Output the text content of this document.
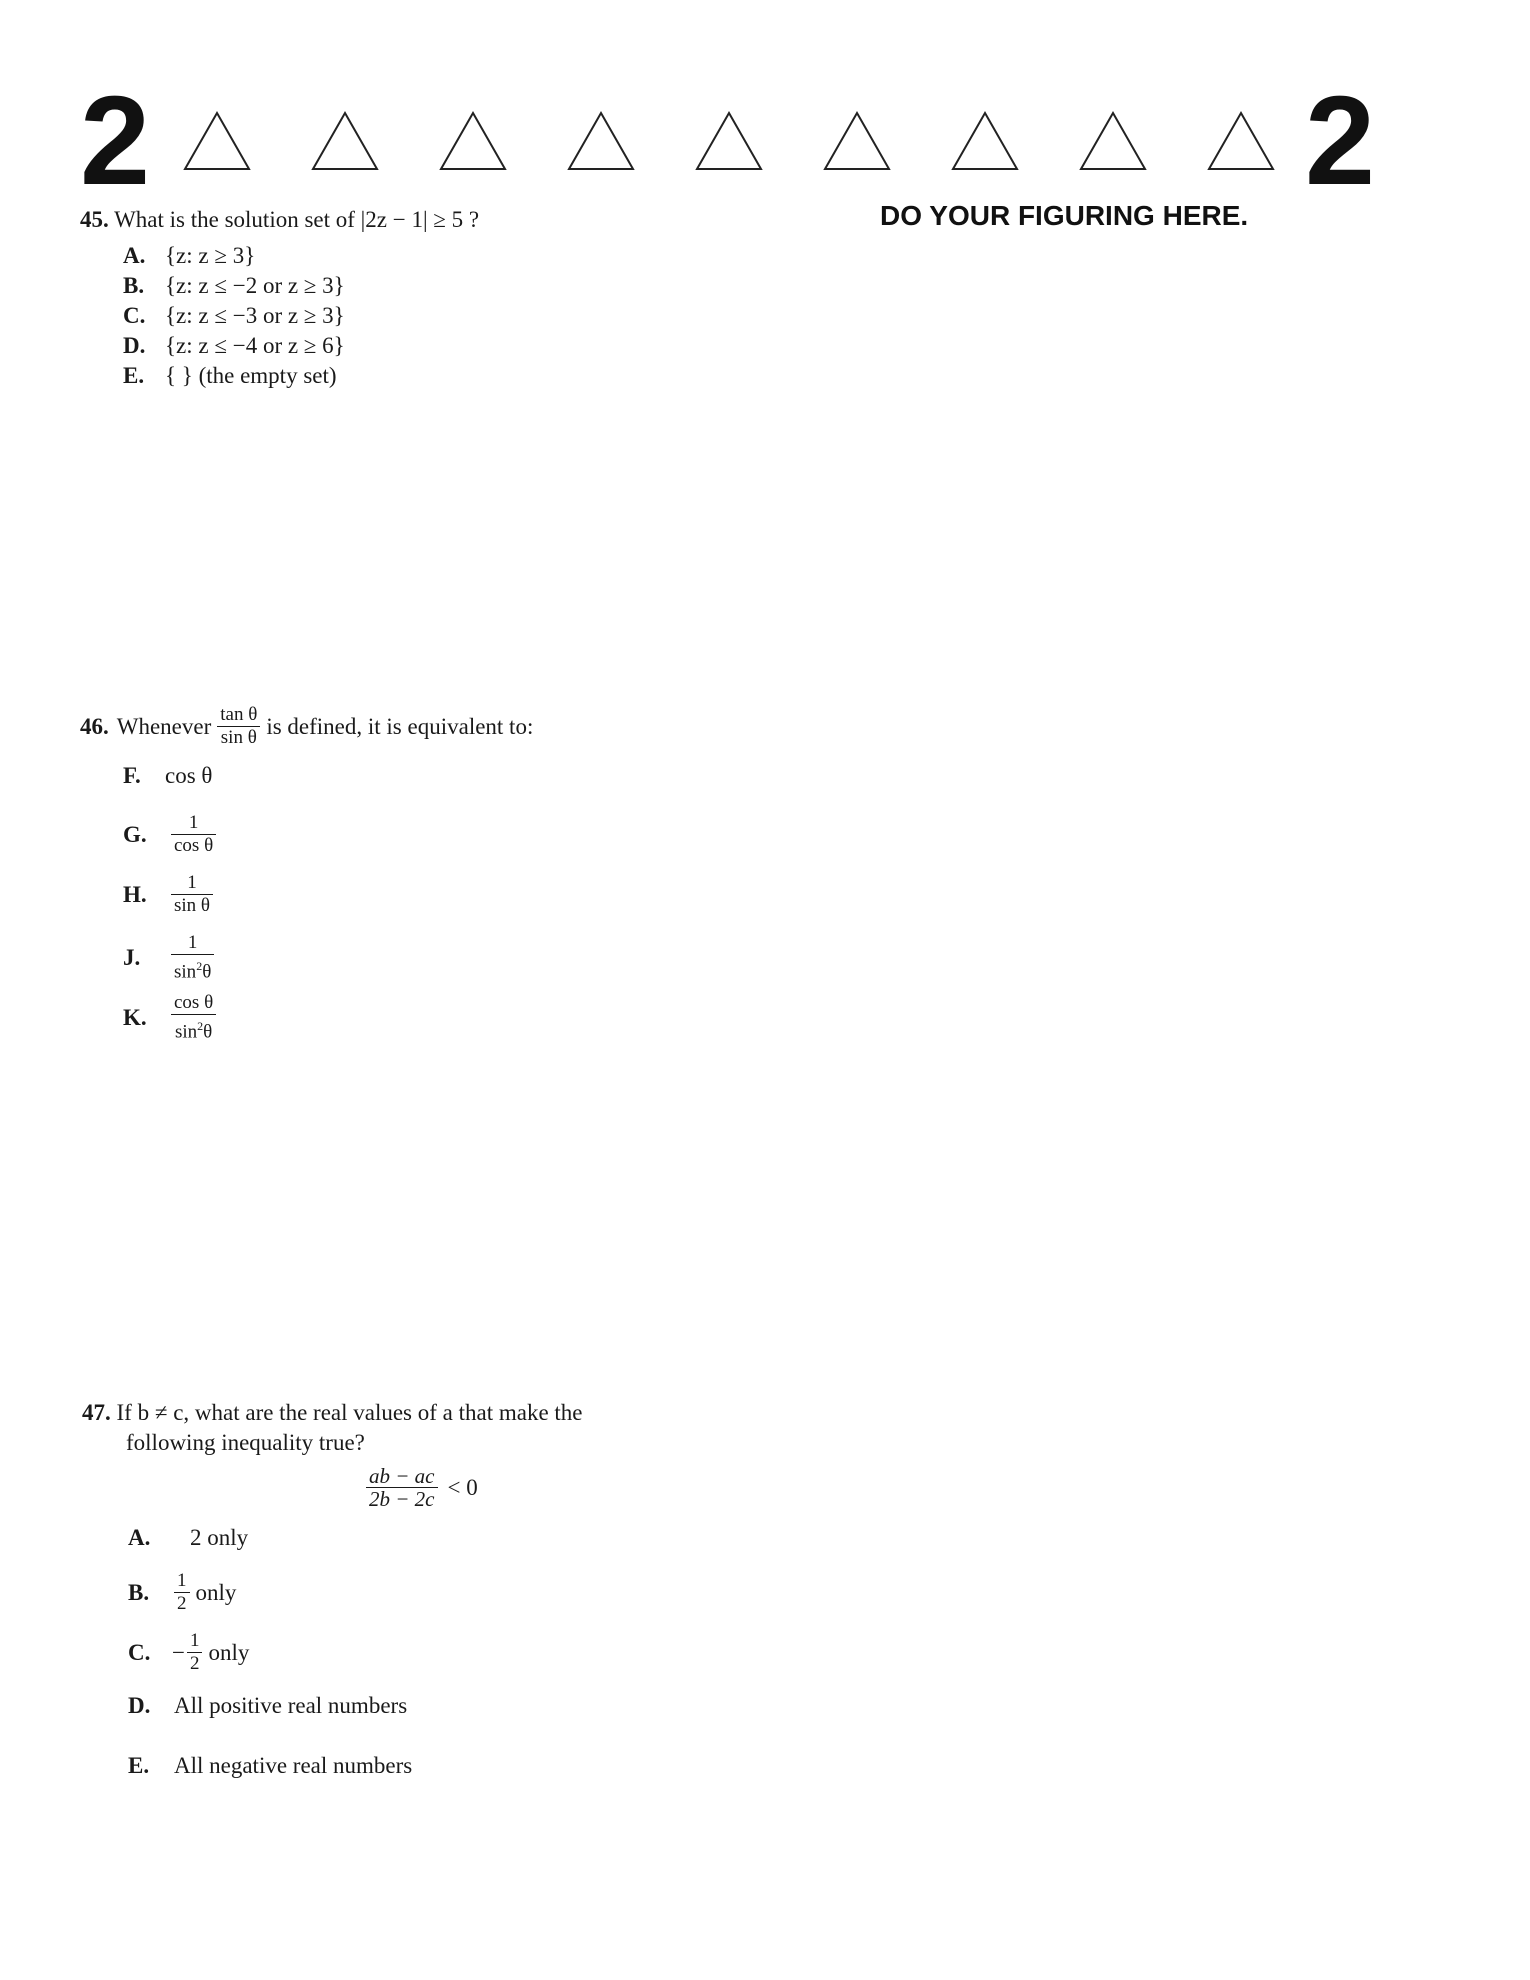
2	2
DO YOUR FIGURING HERE.
45. What is the solution set of |2z − 1| ≥ 5 ?
A. {z: z ≥ 3}
B. {z: z ≤ −2 or z ≥ 3}
C. {z: z ≤ −3 or z ≥ 3}
D. {z: z ≤ −4 or z ≥ 6}
E. { } (the empty set)
46. Whenever $\frac{\text{tan θ}}{\text{sin θ}}$ is defined, it is equivalent to:
F. cos θ
G.	$\frac{1}{\text{cos θ}}$
H.	$\frac{1}{\text{sin θ}}$
J.	$\frac{1}{\sin^2\theta}$
K.	$\frac{\text{cos θ}}{\sin^2\theta}$
47. If b ≠ c, what are the real values of a that make the
following inequality true?
$\frac{ab - ac}{2b - 2c} < 0$
A. 2 only
B.	$\frac{1}{2}$ only
C. − $\frac{1}{2}$ only
D. All positive real numbers
E. All negative real numbers
